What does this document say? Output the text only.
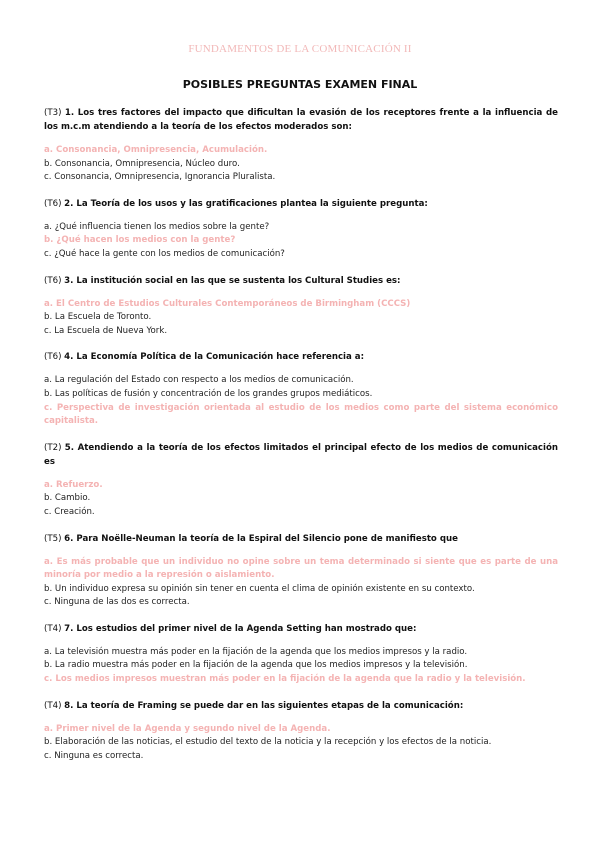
FUNDAMENTOS DE LA COMUNICACIÓN II
POSIBLES PREGUNTAS EXAMEN FINAL
(T3) 1. Los tres factores del impacto que dificultan la evasión de los receptores frente a la influencia de los m.c.m atendiendo a la teoría de los efectos moderados son:
a. Consonancia, Omnipresencia, Acumulación.
b. Consonancia, Omnipresencia, Núcleo duro.
c. Consonancia, Omnipresencia, Ignorancia Pluralista.
(T6) 2. La Teoría de los usos y las gratificaciones plantea la siguiente pregunta:
a. ¿Qué influencia tienen los medios sobre la gente?
b. ¿Qué hacen los medios con la gente?
c. ¿Qué hace la gente con los medios de comunicación?
(T6) 3. La institución social en las que se sustenta los Cultural Studies es:
a. El Centro de Estudios Culturales Contemporáneos de Birmingham (CCCS)
b. La Escuela de Toronto.
c. La Escuela de Nueva York.
(T6) 4. La Economía Política de la Comunicación hace referencia a:
a. La regulación del Estado con respecto a los medios de comunicación.
b. Las políticas de fusión y concentración de los grandes grupos mediáticos.
c. Perspectiva de investigación orientada al estudio de los medios como parte del sistema económico capitalista.
(T2) 5. Atendiendo a la teoría de los efectos limitados el principal efecto de los medios de comunicación es
a. Refuerzo.
b. Cambio.
c. Creación.
(T5) 6. Para Noëlle-Neuman la teoría de la Espiral del Silencio pone de manifiesto que
a. Es más probable que un individuo no opine sobre un tema determinado si siente que es parte de una minoría por medio a la represión o aislamiento.
b. Un individuo expresa su opinión sin tener en cuenta el clima de opinión existente en su contexto.
c. Ninguna de las dos es correcta.
(T4) 7. Los estudios del primer nivel de la Agenda Setting han mostrado que:
a. La televisión muestra más poder en la fijación de la agenda que los medios impresos y la radio.
b. La radio muestra más poder en la fijación de la agenda que los medios impresos y la televisión.
c. Los medios impresos muestran más poder en la fijación de la agenda que la radio y la televisión.
(T4) 8. La teoría de Framing se puede dar en las siguientes etapas de la comunicación:
a. Primer nivel de la Agenda y segundo nivel de la Agenda.
b. Elaboración de las noticias, el estudio del texto de la noticia y la recepción y los efectos de la noticia.
c. Ninguna es correcta.
